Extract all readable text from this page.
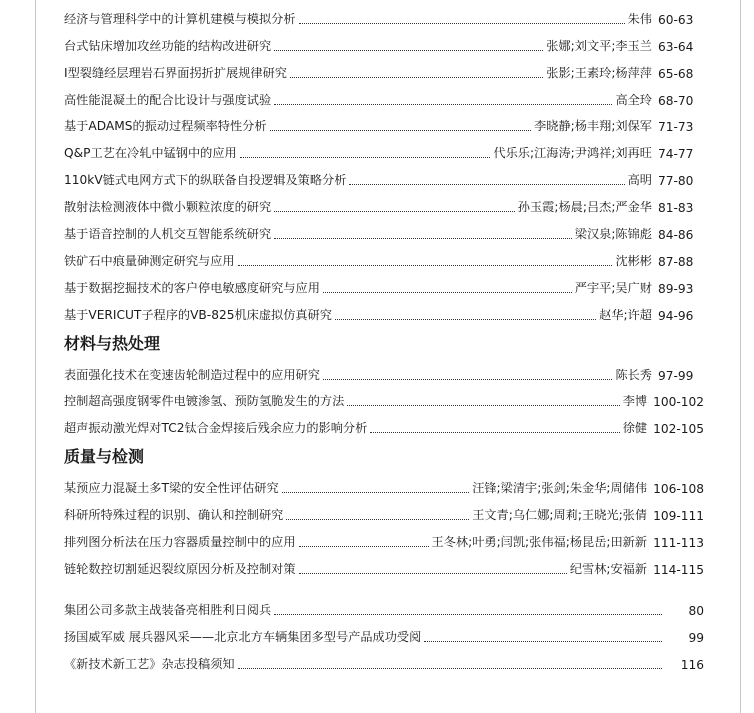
经济与管理科学中的计算机建模与模拟分析	朱伟 60-63
台式钻床增加攻丝功能的结构改进研究	张娜;刘文平;李玉兰 63-64
Ⅰ型裂缝经层理岩石界面拐折扩展规律研究	张影;王素玲;杨萍萍 65-68
高性能混凝土的配合比设计与强度试验	高全玲 68-70
基于ADAMS的振动过程频率特性分析	李晓静;杨丰翔;刘保军 71-73
Q&P工艺在冷轧中锰钢中的应用	代乐乐;江海涛;尹鸿祥;刘再旺 74-77
110kV链式电网方式下的纵联备自投逻辑及策略分析	高明 77-80
散射法检测液体中微小颗粒浓度的研究	孙玉霞;杨晨;吕杰;严金华 81-83
基于语音控制的人机交互智能系统研究	梁汉泉;陈锦彪 84-86
铁矿石中痕量砷测定研究与应用	沈彬彬 87-88
基于数据挖掘技术的客户停电敏感度研究与应用	严宇平;吴广财 89-93
基于VERICUT子程序的VB-825机床虚拟仿真研究	赵华;许超 94-96
材料与热处理
表面强化技术在变速齿轮制造过程中的应用研究	陈长秀 97-99
控制超高强度钢零件电镀渗氢、预防氢脆发生的方法	李博 100-102
超声振动激光焊对TC2钛合金焊接后残余应力的影响分析	徐健 102-105
质量与检测
某预应力混凝土多T梁的安全性评估研究	汪锋;梁清宇;张剑;朱金华;周储伟 106-108
科研所特殊过程的识别、确认和控制研究	王文青;乌仁娜;周莉;王晓光;张倩 109-111
排列图分析法在压力容器质量控制中的应用	王冬林;叶勇;闫凯;张伟福;杨昆岳;田新新 111-113
链轮数控切割延迟裂纹原因分析及控制对策	纪雪林;安福新 114-115
集团公司多款主战装备亮相胜利日阅兵	80
扬国威军威 展兵器风采——北京北方车辆集团多型号产品成功受阅	99
《新技术新工艺》杂志投稿须知	116
